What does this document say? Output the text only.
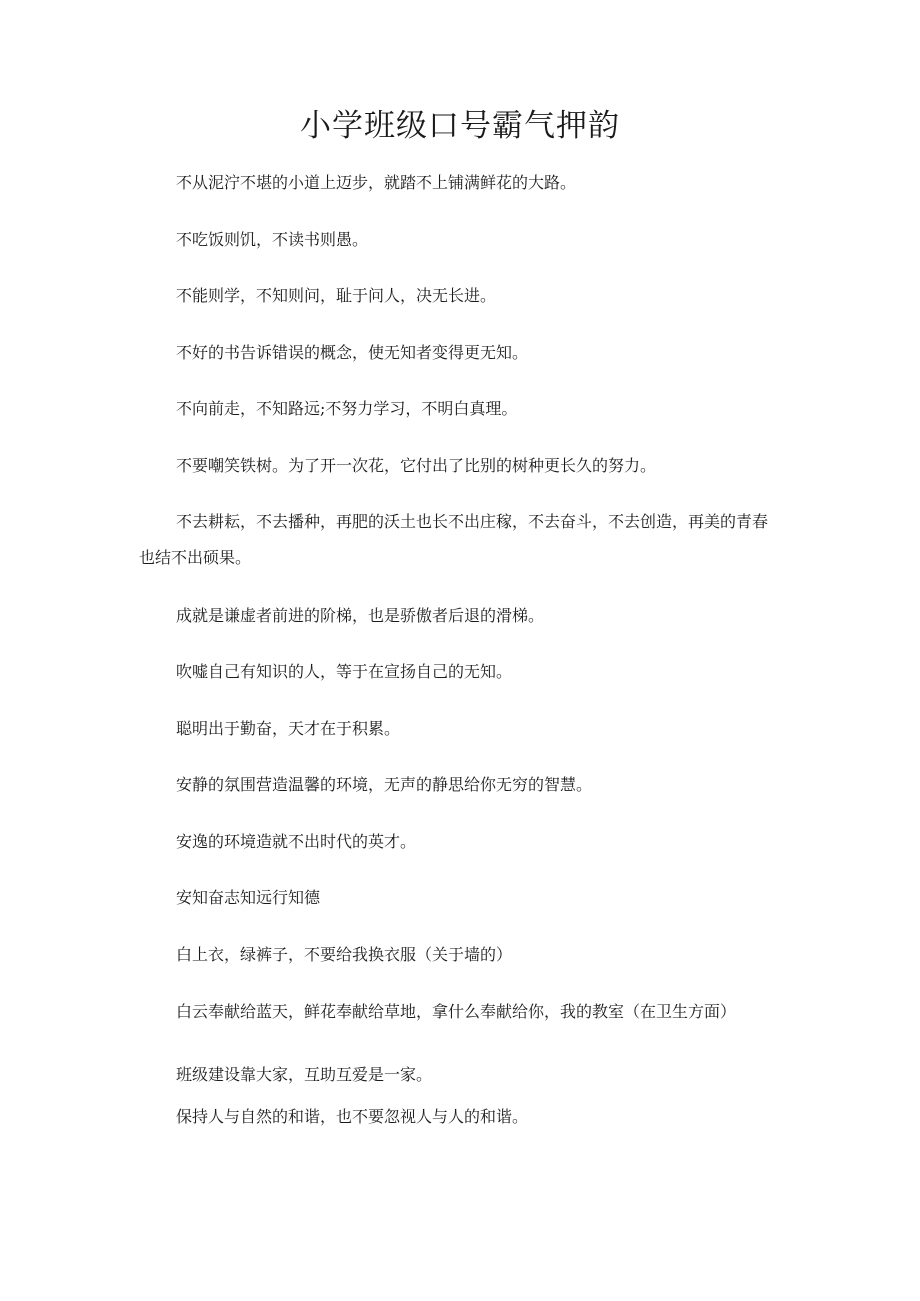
小学班级口号霸气押韵

不从泥泞不堪的小道上迈步，就踏不上铺满鲜花的大路。

不吃饭则饥，不读书则愚。

不能则学，不知则问，耻于问人，决无长进。

不好的书告诉错误的概念，使无知者变得更无知。

不向前走，不知路远;不努力学习，不明白真理。

不要嘲笑铁树。为了开一次花，它付出了比别的树种更长久的努力。

不去耕耘，不去播种，再肥的沃土也长不出庄稼，不去奋斗，不去创造，再美的青春也结不出硕果。

成就是谦虚者前进的阶梯，也是骄傲者后退的滑梯。

吹嘘自己有知识的人，等于在宣扬自己的无知。

聪明出于勤奋，天才在于积累。

安静的氛围营造温馨的环境，无声的静思给你无穷的智慧。

安逸的环境造就不出时代的英才。

安知奋志知远行知德

白上衣，绿裤子，不要给我换衣服（关于墙的）

白云奉献给蓝天，鲜花奉献给草地，拿什么奉献给你，我的教室（在卫生方面）

班级建设靠大家，互助互爱是一家。

保持人与自然的和谐，也不要忽视人与人的和谐。
